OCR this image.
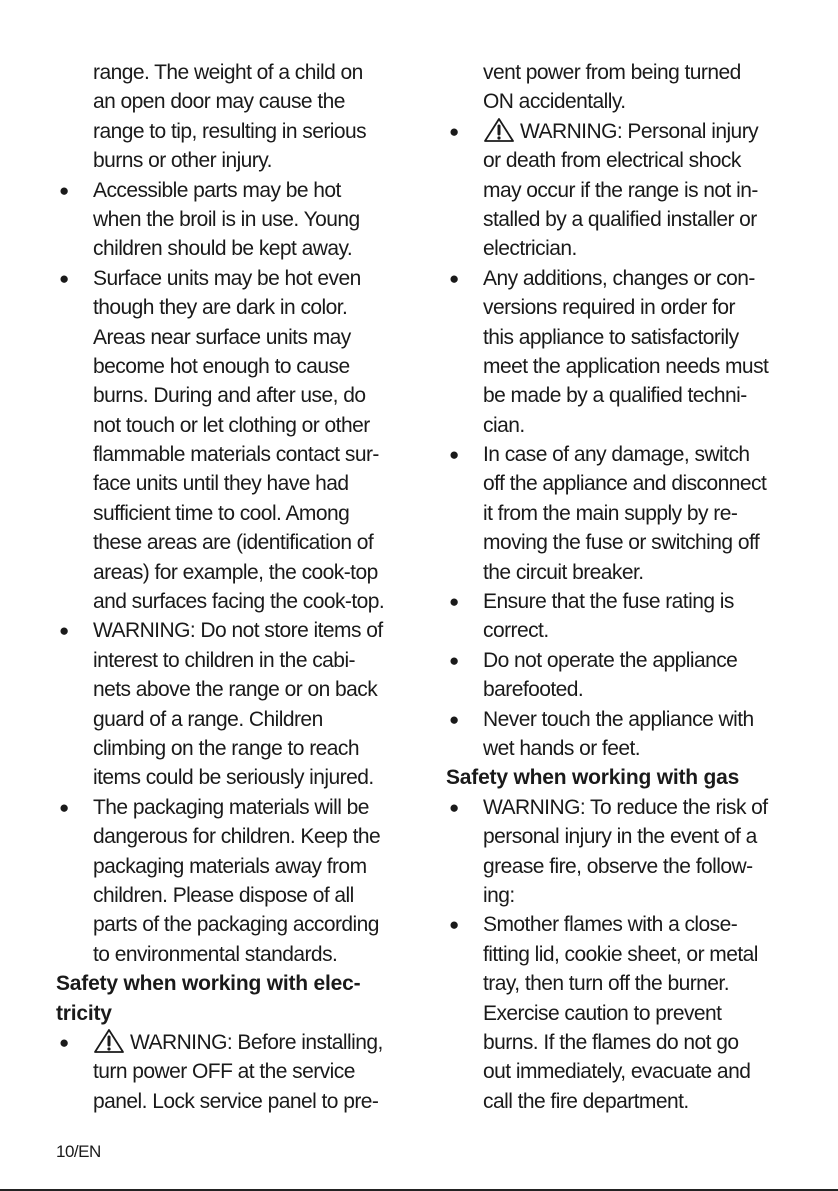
range. The weight of a child on
an open door may cause the
range to tip, resulting in serious
burns or other injury.
● Accessible parts may be hot
when the broil is in use. Young
children should be kept away.
● Surface units may be hot even
though they are dark in color.
Areas near surface units may
become hot enough to cause
burns. During and after use, do
not touch or let clothing or other
flammable materials contact sur-
face units until they have had
sufficient time to cool. Among
these areas are (identification of
areas) for example, the cook-top
and surfaces facing the cook-top.
● WARNING: Do not store items of
interest to children in the cabi-
nets above the range or on back
guard of a range. Children
climbing on the range to reach
items could be seriously injured.
● The packaging materials will be
dangerous for children. Keep the
packaging materials away from
children. Please dispose of all
parts of the packaging according
to environmental standards.
Safety when working with elec-
tricity
●	WARNING: Before installing,
turn power OFF at the service
panel. Lock service panel to pre-
vent power from being turned
ON accidentally.
●	WARNING: Personal injury
or death from electrical shock
may occur if the range is not in-
stalled by a qualified installer or
electrician.
● Any additions, changes or con-
versions required in order for
this appliance to satisfactorily
meet the application needs must
be made by a qualified techni-
cian.
● In case of any damage, switch
off the appliance and disconnect
it from the main supply by re-
moving the fuse or switching off
the circuit breaker.
● Ensure that the fuse rating is
correct.
● Do not operate the appliance
barefooted.
● Never touch the appliance with
wet hands or feet.
Safety when working with gas
● WARNING: To reduce the risk of
personal injury in the event of a
grease fire, observe the follow-
ing:
● Smother flames with a close-
fitting lid, cookie sheet, or metal
tray, then turn off the burner.
Exercise caution to prevent
burns. If the flames do not go
out immediately, evacuate and
call the fire department.
10/EN
